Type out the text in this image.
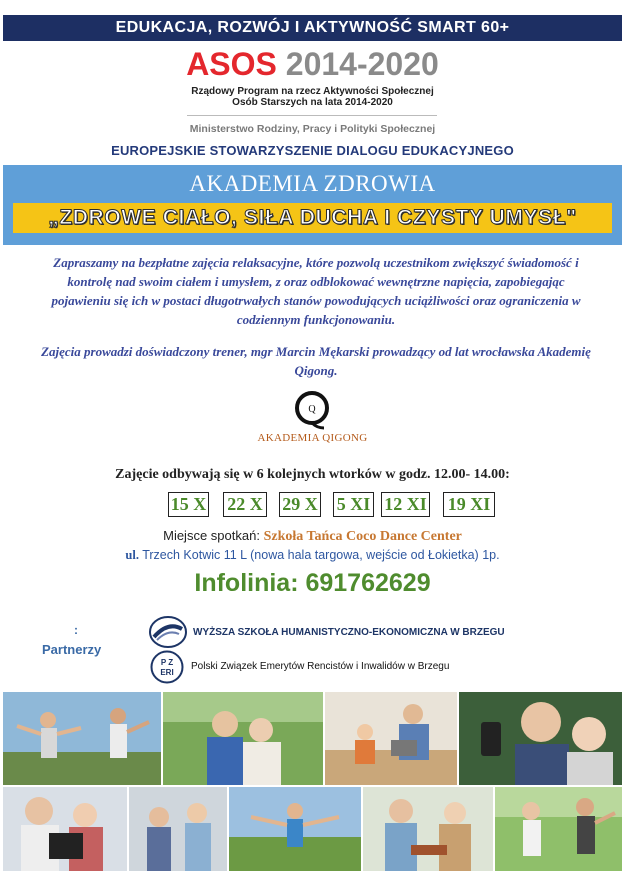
EDUKACJA, ROZWÓJ I AKTYWNOŚĆ SMART 60+
ASOS 2014-2020
Rządowy Program na rzecz Aktywności Społecznej
Osób Starszych na lata 2014-2020
Ministerstwo Rodziny, Pracy i Polityki Społecznej
EUROPEJSKIE STOWARZYSZENIE DIALOGU EDUKACYJNEGO
AKADEMIA ZDROWIA
„ZDROWE CIAŁO, SIŁA DUCHA I CZYSTY UMYSŁ"
Zapraszamy na bezpłatne zajęcia relaksacyjne, które pozwolą uczestnikom zwiększyć świadomość i kontrolę nad swoim ciałem i umysłem, z oraz odblokować wewnętrzne napięcia, zapobiegając pojawieniu się ich w postaci długotrwałych stanów powodujących uciążliwości oraz ograniczenia w codziennym funkcjonowaniu.
Zajęcia prowadzi doświadczony trener, mgr Marcin Mękarski prowadzący od lat wrocławska Akademię Qigong.
Q
AKADEMIA QIGONG
Zajęcie odbywają się w 6 kolejnych wtorków w godz. 12.00- 14.00:
15 X 22 X 29 X 5 XI 12 XI 19 XI
Miejsce spotkań: Szkoła Tańca Coco Dance Center
ul. Trzech Kotwic 11 L (nowa hala targowa, wejście od Łokietka) 1p.
Infolinia: 691762629
:
Partnerzy
WYŻSZA SZKOŁA HUMANISTYCZNO-EKONOMICZNA W BRZEGU
P Z
ERI
Polski Związek Emerytów Rencistów i Inwalidów w Brzegu
